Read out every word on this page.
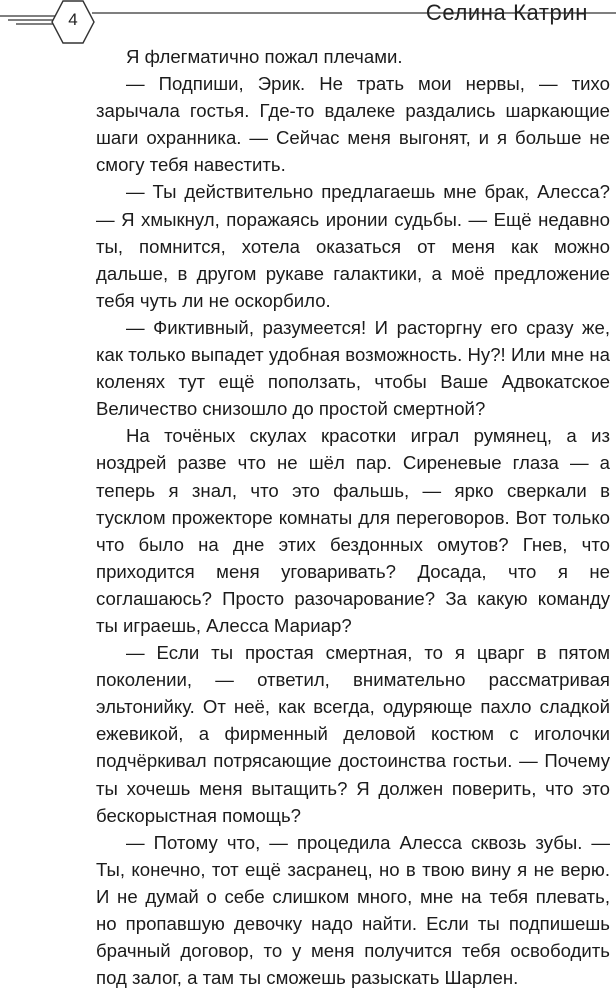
4	Селина Катрин

Я флегматично пожал плечами.

— Подпиши, Эрик. Не трать мои нервы, — тихо зарычала гостья. Где-то вдалеке раздались шаркающие шаги охранника. — Сейчас меня выгонят, и я больше не смогу тебя навестить.

— Ты действительно предлагаешь мне брак, Алесса? — Я хмыкнул, поражаясь иронии судьбы. — Ещё недавно ты, помнится, хотела оказаться от меня как можно дальше, в другом рукаве галактики, а моё предложение тебя чуть ли не оскорбило.

— Фиктивный, разумеется! И расторгну его сразу же, как только выпадет удобная возможность. Ну?! Или мне на коленях тут ещё поползать, чтобы Ваше Адвокатское Величество снизошло до простой смертной?

На точёных скулах красотки играл румянец, а из ноздрей разве что не шёл пар. Сиреневые глаза — а теперь я знал, что это фальшь, — ярко сверкали в тусклом прожекторе комнаты для переговоров. Вот только что было на дне этих бездонных омутов? Гнев, что приходится меня уговаривать? Досада, что я не соглашаюсь? Просто разочарование? За какую команду ты играешь, Алесса Мариар?

— Если ты простая смертная, то я цварг в пятом поколении, — ответил, внимательно рассматривая эльтонийку. От неё, как всегда, одуряюще пахло сладкой ежевикой, а фирменный деловой костюм с иголочки подчёркивал потрясающие достоинства гостьи. — Почему ты хочешь меня вытащить? Я должен поверить, что это бескорыстная помощь?

— Потому что, — процедила Алесса сквозь зубы. — Ты, конечно, тот ещё засранец, но в твою вину я не верю. И не думай о себе слишком много, мне на тебя плевать, но пропавшую девочку надо найти. Если ты подпишешь брачный договор, то у меня получится тебя освободить под залог, а там ты сможешь разыскать Шарлен.
